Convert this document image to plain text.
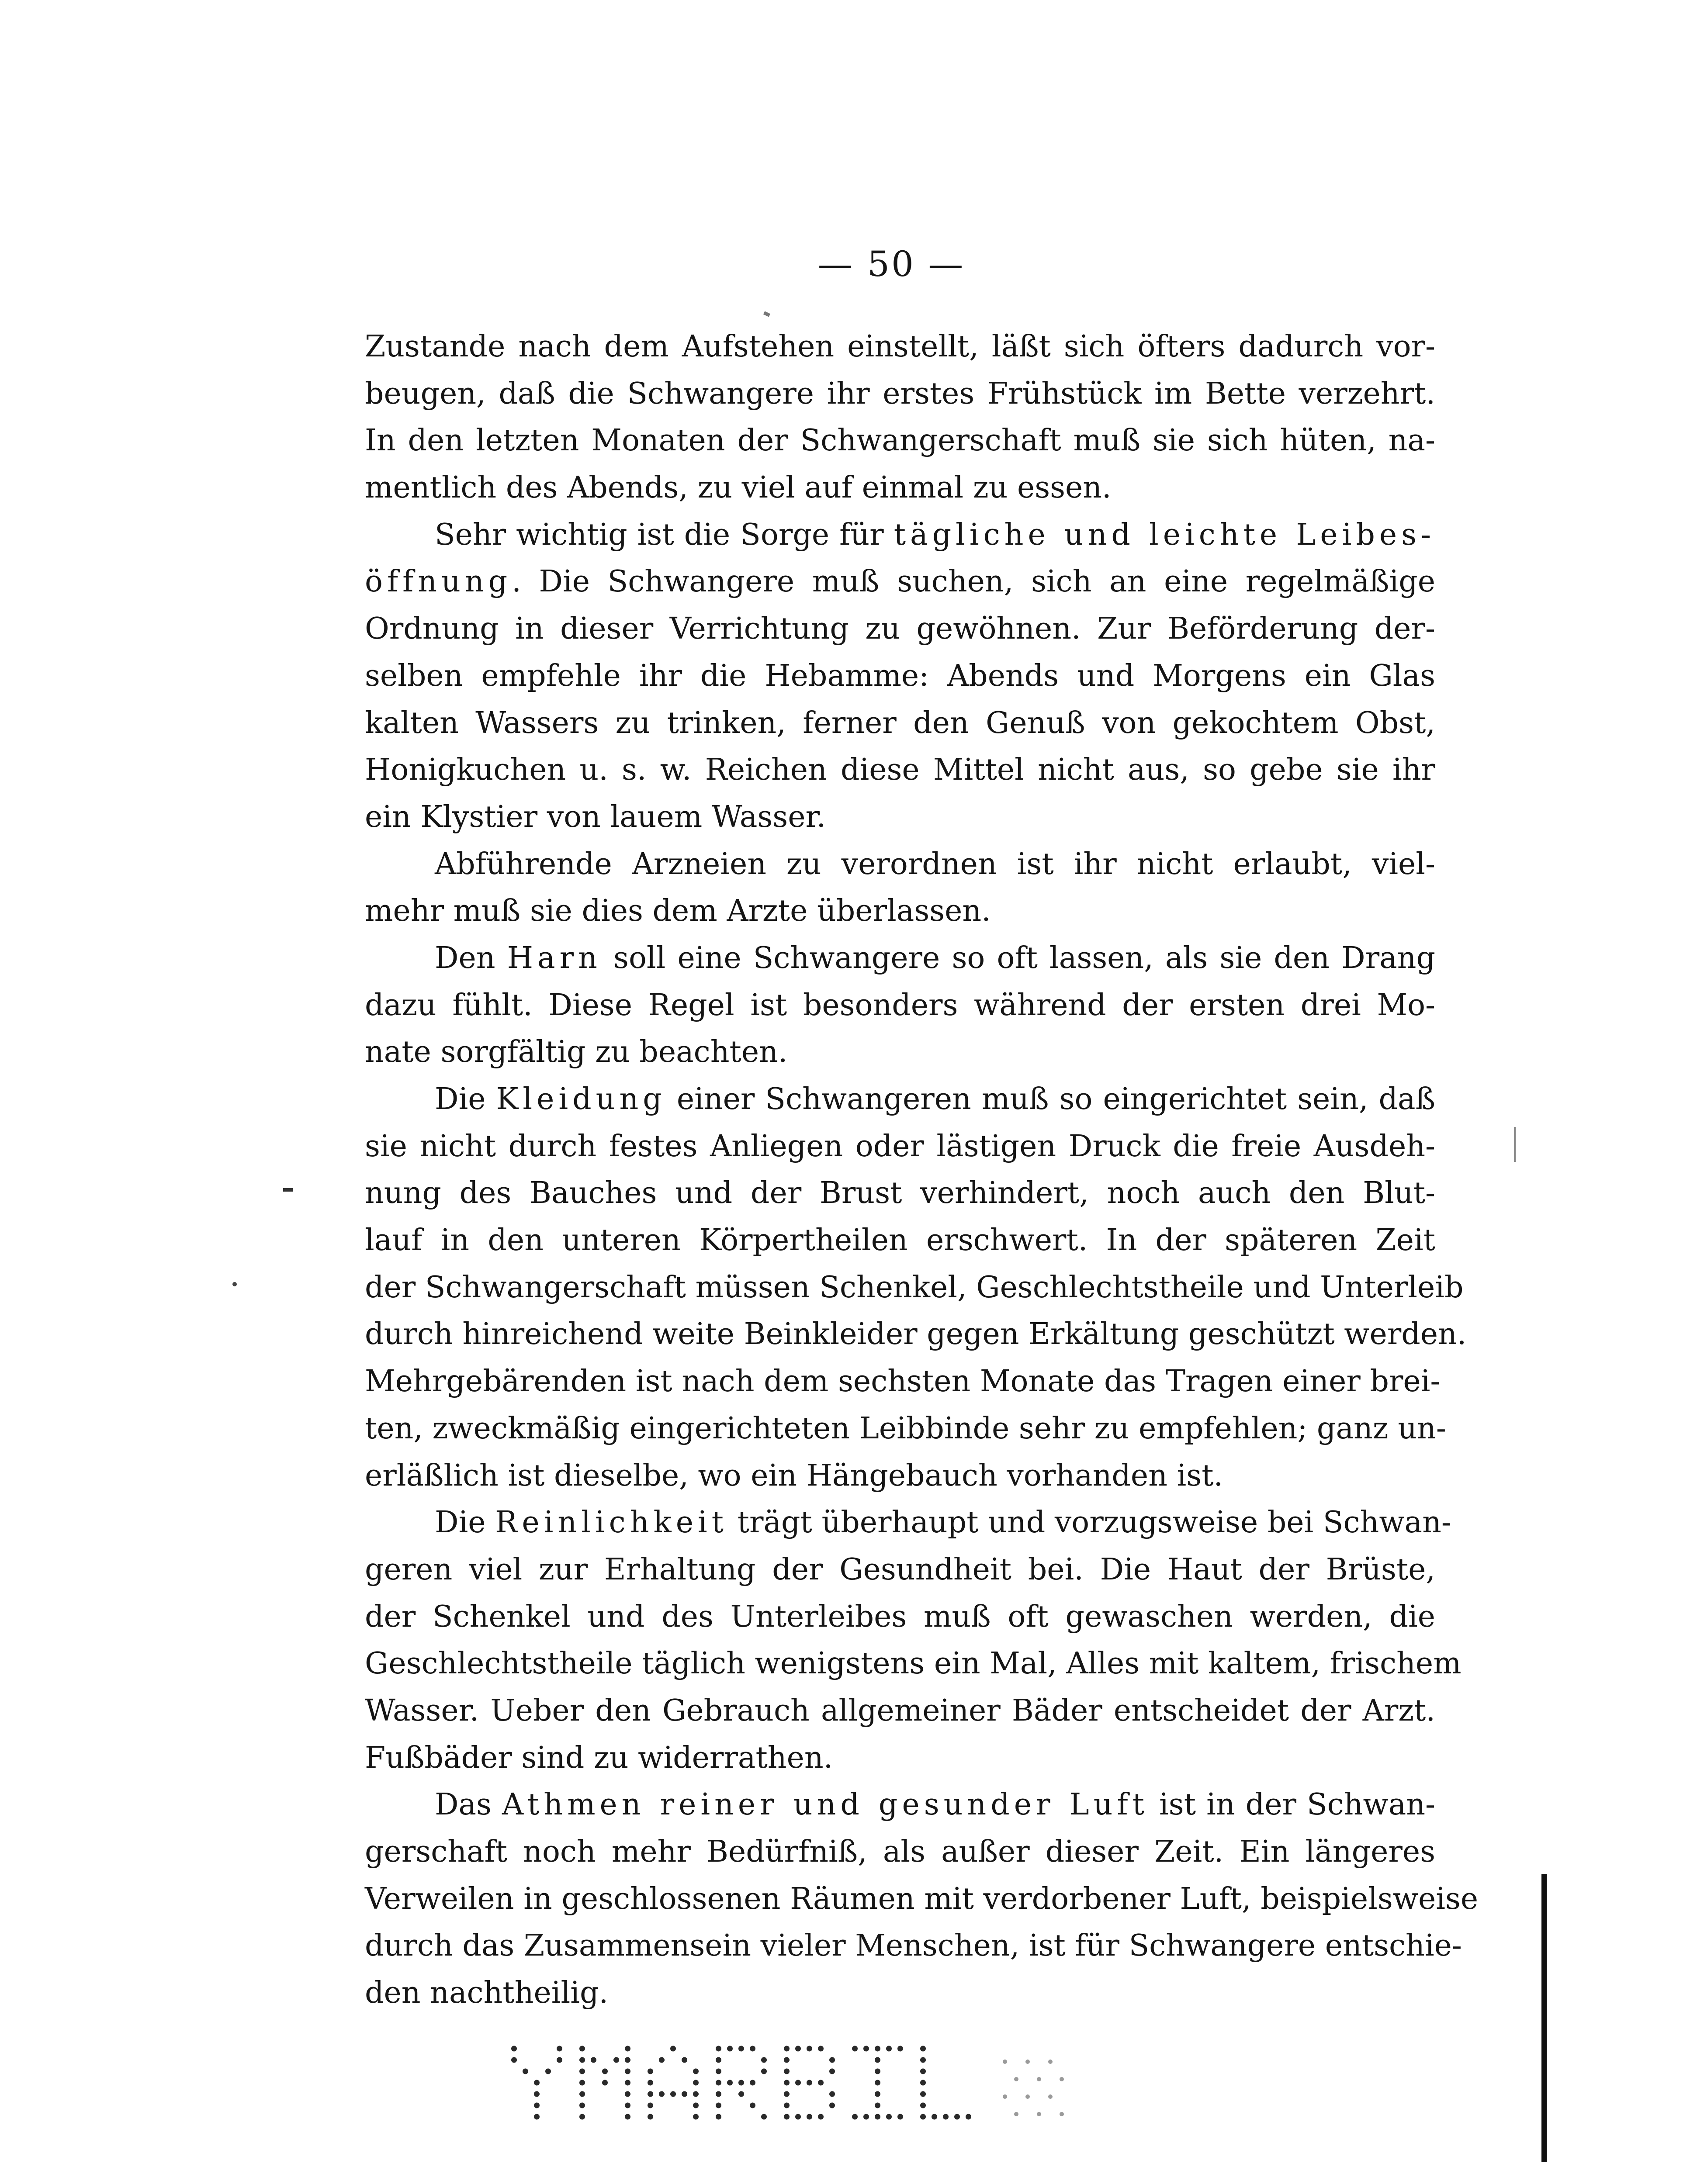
— 50 —
Zustande nach dem Aufstehen einstellt, läßt sich öfters dadurch vor-
beugen, daß die Schwangere ihr erstes Frühstück im Bette verzehrt.
In den letzten Monaten der Schwangerschaft muß sie sich hüten, na-
mentlich des Abends, zu viel auf einmal zu essen.
Sehr wichtig ist die Sorge für tägliche und leichte Leibes-
öffnung. Die Schwangere muß suchen, sich an eine regelmäßige
Ordnung in dieser Verrichtung zu gewöhnen. Zur Beförderung der-
selben empfehle ihr die Hebamme: Abends und Morgens ein Glas
kalten Wassers zu trinken, ferner den Genuß von gekochtem Obst,
Honigkuchen u. s. w. Reichen diese Mittel nicht aus, so gebe sie ihr
ein Klystier von lauem Wasser.
Abführende Arzneien zu verordnen ist ihr nicht erlaubt, viel-
mehr muß sie dies dem Arzte überlassen.
Den Harn soll eine Schwangere so oft lassen, als sie den Drang
dazu fühlt. Diese Regel ist besonders während der ersten drei Mo-
nate sorgfältig zu beachten.
Die Kleidung einer Schwangeren muß so eingerichtet sein, daß
sie nicht durch festes Anliegen oder lästigen Druck die freie Ausdeh-
nung des Bauches und der Brust verhindert, noch auch den Blut-
lauf in den unteren Körpertheilen erschwert. In der späteren Zeit
der Schwangerschaft müssen Schenkel, Geschlechtstheile und Unterleib
durch hinreichend weite Beinkleider gegen Erkältung geschützt werden.
Mehrgebärenden ist nach dem sechsten Monate das Tragen einer brei-
ten, zweckmäßig eingerichteten Leibbinde sehr zu empfehlen; ganz un-
erläßlich ist dieselbe, wo ein Hängebauch vorhanden ist.
Die Reinlichkeit trägt überhaupt und vorzugsweise bei Schwan-
geren viel zur Erhaltung der Gesundheit bei. Die Haut der Brüste,
der Schenkel und des Unterleibes muß oft gewaschen werden, die
Geschlechtstheile täglich wenigstens ein Mal, Alles mit kaltem, frischem
Wasser. Ueber den Gebrauch allgemeiner Bäder entscheidet der Arzt.
Fußbäder sind zu widerrathen.
Das Athmen reiner und gesunder Luft ist in der Schwan-
gerschaft noch mehr Bedürfniß, als außer dieser Zeit. Ein längeres
Verweilen in geschlossenen Räumen mit verdorbener Luft, beispielsweise
durch das Zusammensein vieler Menschen, ist für Schwangere entschie-
den nachtheilig.
